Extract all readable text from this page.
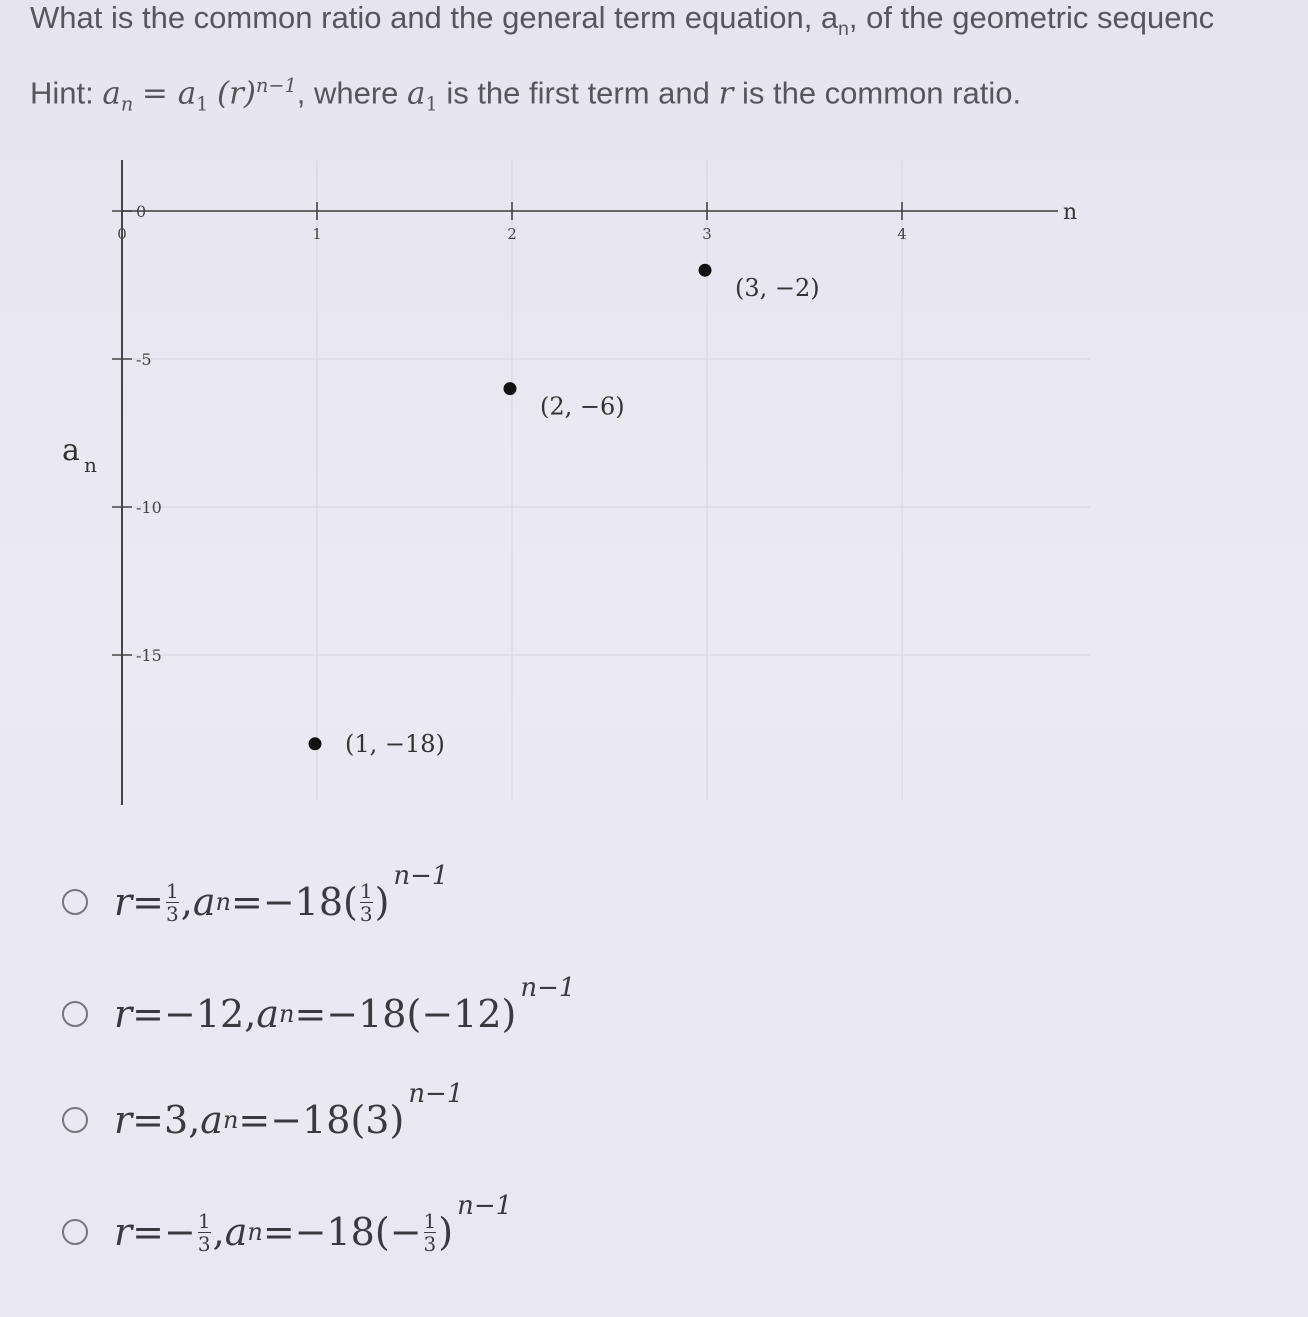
What is the common ratio and the general term equation, $a_n$, of the geometric sequenc
Hint: $a_n = a_1$ $(r)^{n-1}$, where $a_1$ is the first term and r is the common ratio.
0	1	2	3	4
0
-5
-10
-15
n
a n
(1, −18)
(2, −6)
(3, −2)
$r = \frac{1}{3}$ , a n = −18 ( $\frac{1}{3}$ )
n−1
r = −12 , a n = −18 ( −12 )
n−1
r = 3 , a n = −18 ( 3 )
n−1
r = − $\frac{1}{3}$ , a n = −18 ( − $\frac{1}{3}$ )
n−1
